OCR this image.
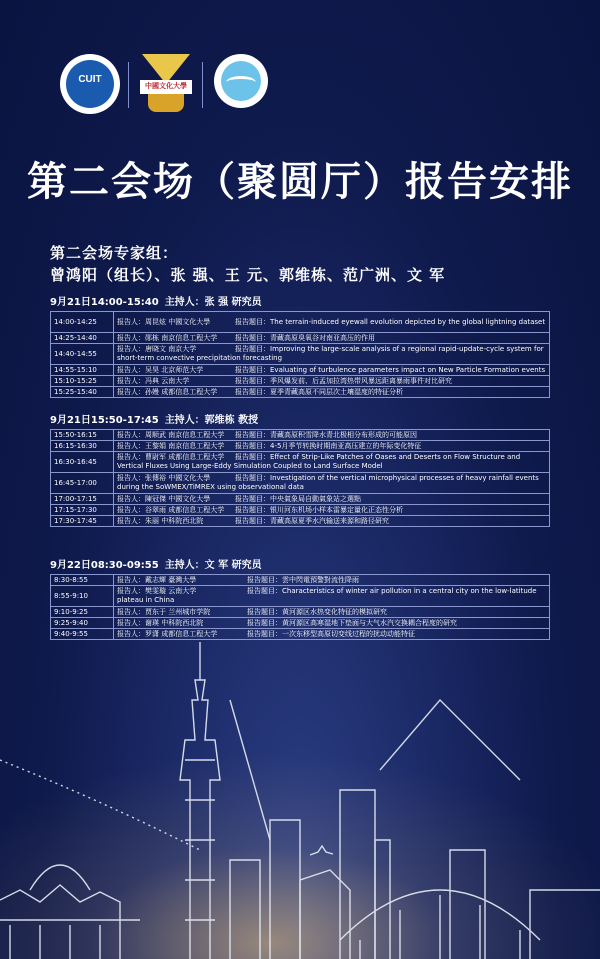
CUIT
中國文化大學
第二会场（聚圆厅）报告安排
第二会场专家组：
曾鸿阳（组长）、张 强、王 元、郭维栋、范广洲、文 军
9月21日14:00-15:40 主持人：张 强 研究员
14:00-14:25	报告人：周昆炫 中國文化大學 报告题目：The terrain-induced eyewall evolution depicted by the global lightning dataset
14:25-14:40	报告人：郧栋 南京信息工程大学 报告题目：青藏高原臭氧谷对南亚高压的作用
14:40-14:55	报告人：唐晓文 南京大学 报告题目：Improving the large-scale analysis of a regional rapid-update-cycle system for short-term convective precipitation forecasting
14:55-15:10	报告人：吴昊 北京师范大学 报告题目：Evaluating of turbulence parameters impact on New Particle Formation events
15:10-15:25	报告人：冯典 云南大学 报告题目：季风爆发前、后孟加拉湾热带风暴远距离暴雨事件对比研究
15:25-15:40	报告人：孙嫚 成都信息工程大学 报告题目：夏季青藏高原不同层次土壤湿度的特征分析
9月21日15:50-17:45 主持人：郭维栋 教授
15:50-16:15	报告人：周顺武 南京信息工程大学 报告题目：青藏高原积雪降水青北极相分布形成的可能原因
16:15-16:30	报告人：王黎娟 南京信息工程大学 报告题目：4-5月季节转换时期南亚高压建立的年际变化特征
16:30-16:45	报告人：曹尉军 成都信息工程大学 报告题目：Effect of Strip-Like Patches of Oases and Deserts on Flow Structure and Vertical Fluxes Using Large-Eddy Simulation Coupled to Land Surface Model
16:45-17:00	报告人：张傳裕 中國文化大學 报告题目：Investigation of the vertical microphysical processes of heavy rainfall events during the SoWMEX/TiMREX using observational data
17:00-17:15	报告人：陳冠傑 中國文化大學 报告题目：中央氣象局自動氣象站之選點
17:15-17:30	报告人：谷翠雨 成都信息工程大学 报告题目：银川河东机场小样本雷暴定量化正态性分析
17:30-17:45	报告人：朱丽 中科院西北院 报告题目：青藏高原夏季水汽输送来源和路径研究
9月22日08:30-09:55 主持人：文 军 研究员
8:30-8:55	报告人：戴志輝 臺灣大學 报告题目：雲中閃電預警對流性降雨
8:55-9:10	报告人：樊雯璇 云南大学 报告题目：Characteristics of winter air pollution in a central city on the low-latitude plateau in China
9:10-9:25	报告人：贾东于 兰州城市学院 报告题目：黄河源区水热变化特征的模拟研究
9:25-9:40	报告人：谢瑛 中科院西北院 报告题目：黄河源区高寒湿地下垫面与大气水汽交换耦合程度的研究
9:40-9:55	报告人：罗潇 成都信息工程大学 报告题目：一次东移型高原切变线过程的扰动动能特征
